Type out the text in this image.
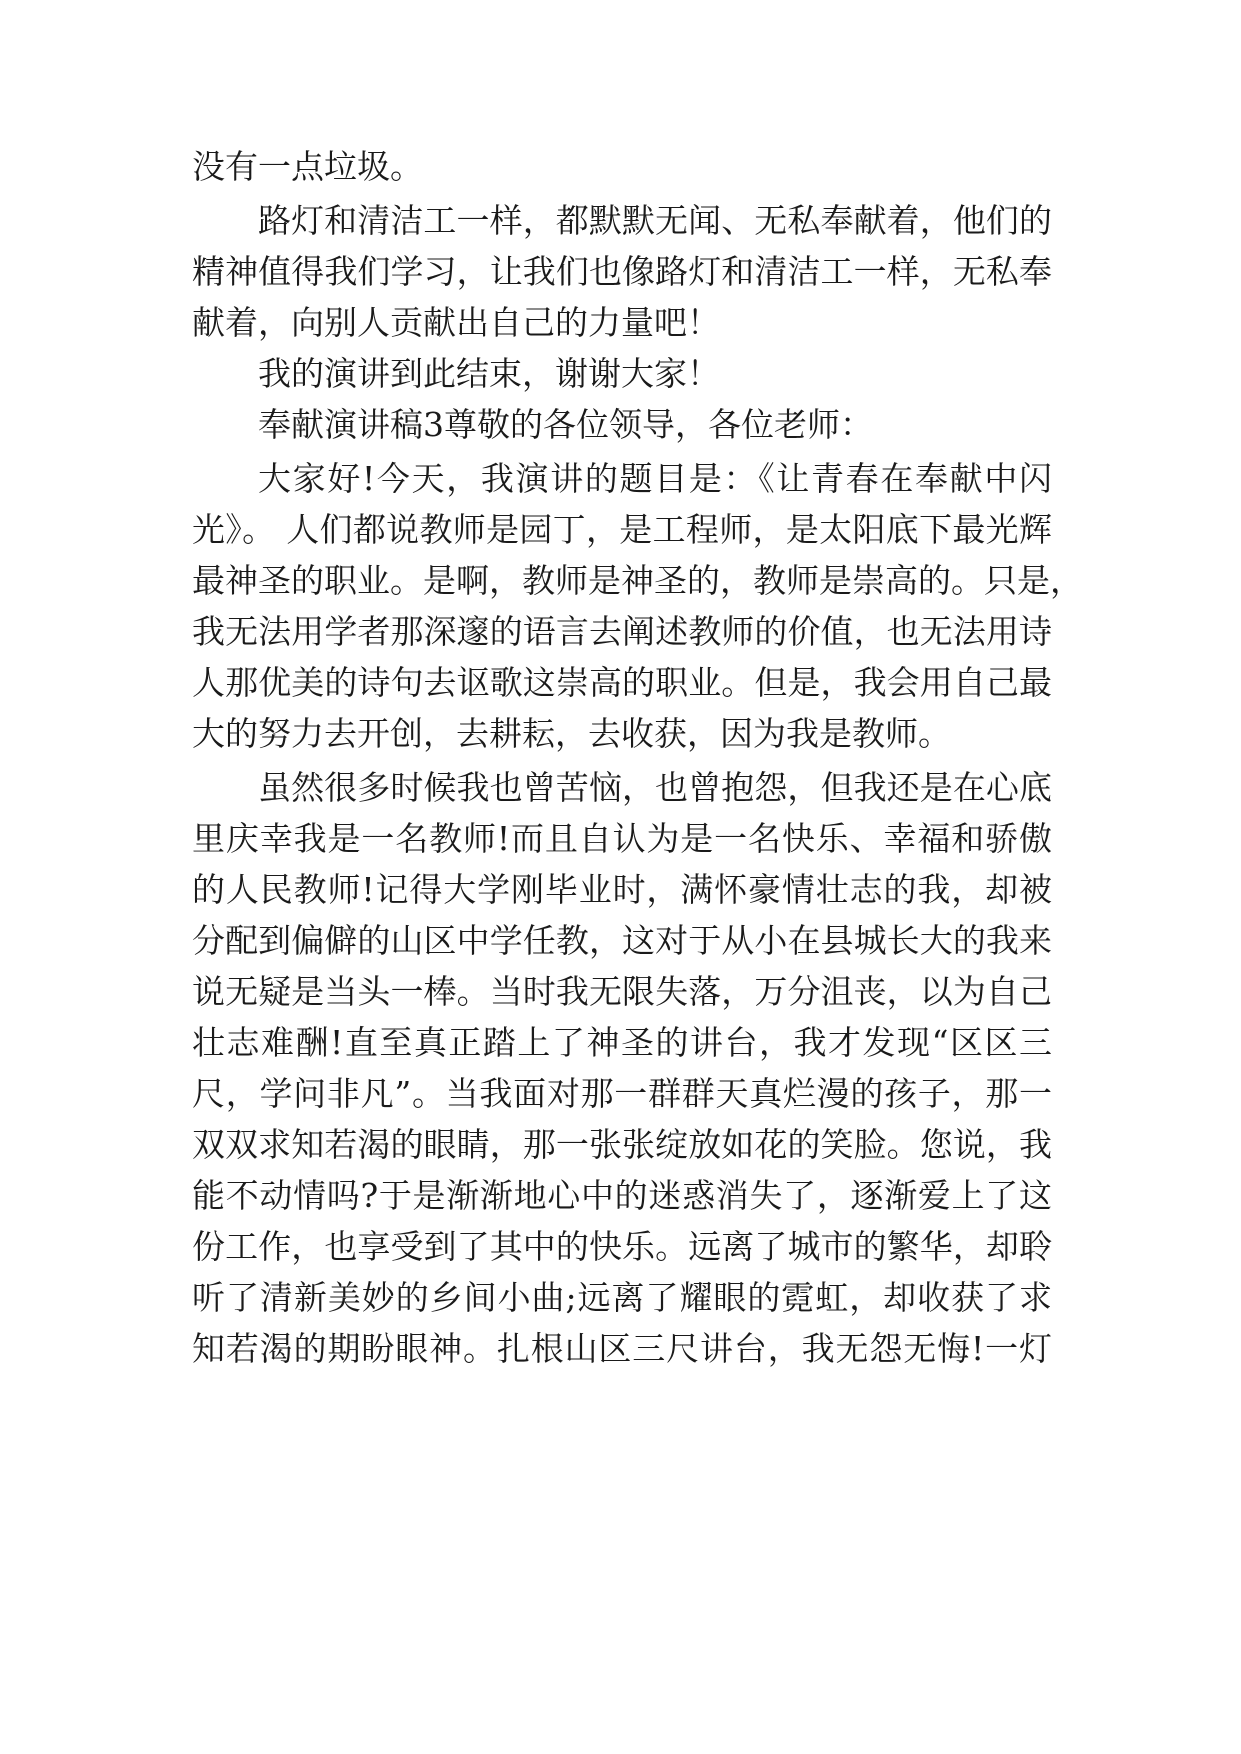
没有一点垃圾。
路灯和清洁工一样，都默默无闻、无私奉献着，他们的
精神值得我们学习，让我们也像路灯和清洁工一样，无私奉
献着，向别人贡献出自己的力量吧！
我的演讲到此结束，谢谢大家！
奉献演讲稿3尊敬的各位领导，各位老师：
大家好!今天，我演讲的题目是：《让青春在奉献中闪
光》。 人们都说教师是园丁，是工程师，是太阳底下最光辉
最神圣的职业。是啊，教师是神圣的，教师是崇高的。只是，
我无法用学者那深邃的语言去阐述教师的价值，也无法用诗
人那优美的诗句去讴歌这崇高的职业。但是，我会用自己最
大的努力去开创，去耕耘，去收获，因为我是教师。
虽然很多时候我也曾苦恼，也曾抱怨，但我还是在心底
里庆幸我是一名教师!而且自认为是一名快乐、幸福和骄傲
的人民教师!记得大学刚毕业时，满怀豪情壮志的我，却被
分配到偏僻的山区中学任教，这对于从小在县城长大的我来
说无疑是当头一棒。当时我无限失落，万分沮丧，以为自己
壮志难酬!直至真正踏上了神圣的讲台，我才发现“区区三
尺，学问非凡”。当我面对那一群群天真烂漫的孩子，那一
双双求知若渴的眼睛，那一张张绽放如花的笑脸。您说，我
能不动情吗?于是渐渐地心中的迷惑消失了，逐渐爱上了这
份工作，也享受到了其中的快乐。远离了城市的繁华，却聆
听了清新美妙的乡间小曲;远离了耀眼的霓虹，却收获了求
知若渴的期盼眼神。扎根山区三尺讲台，我无怨无悔!一灯
